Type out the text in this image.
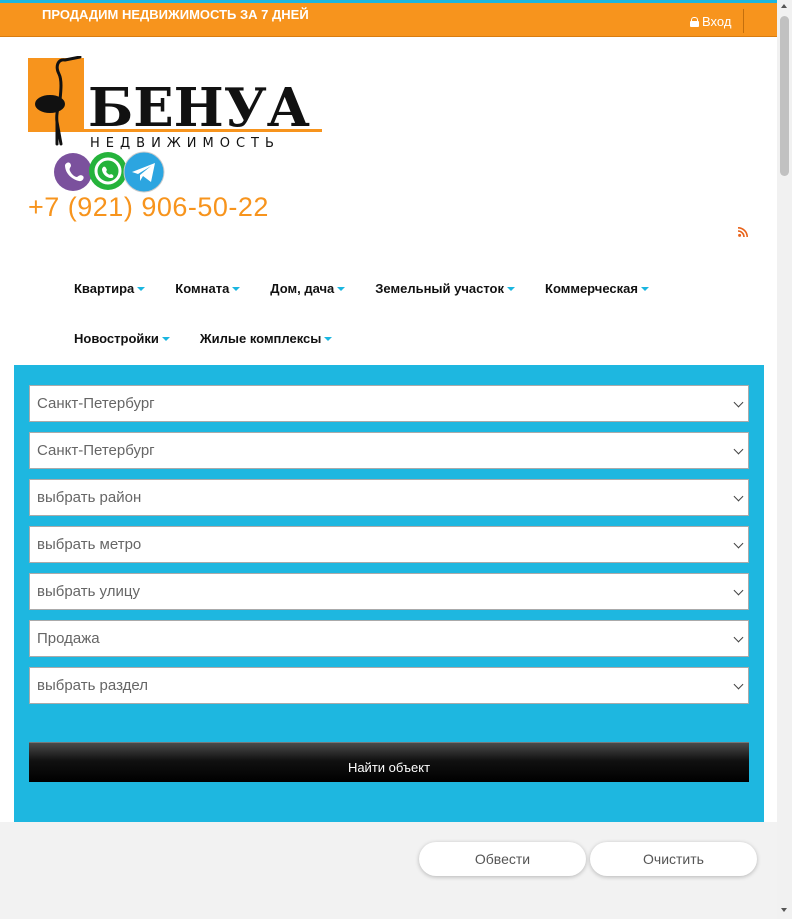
ПРОДАДИМ НЕДВИЖИМОСТЬ ЗА 7 ДНЕЙ	Вход
БЕНУА
НЕДВИЖИМОСТЬ
+7 (921) 906-50-22
Квартира	Комната	Дом, дача	Земельный участок	Коммерческая
Новостройки	Жилые комплексы
Санкт-Петербург
Санкт-Петербург
выбрать район
выбрать метро
выбрать улицу
Продажа
выбрать раздел
Найти объект
Обвести	Очистить
